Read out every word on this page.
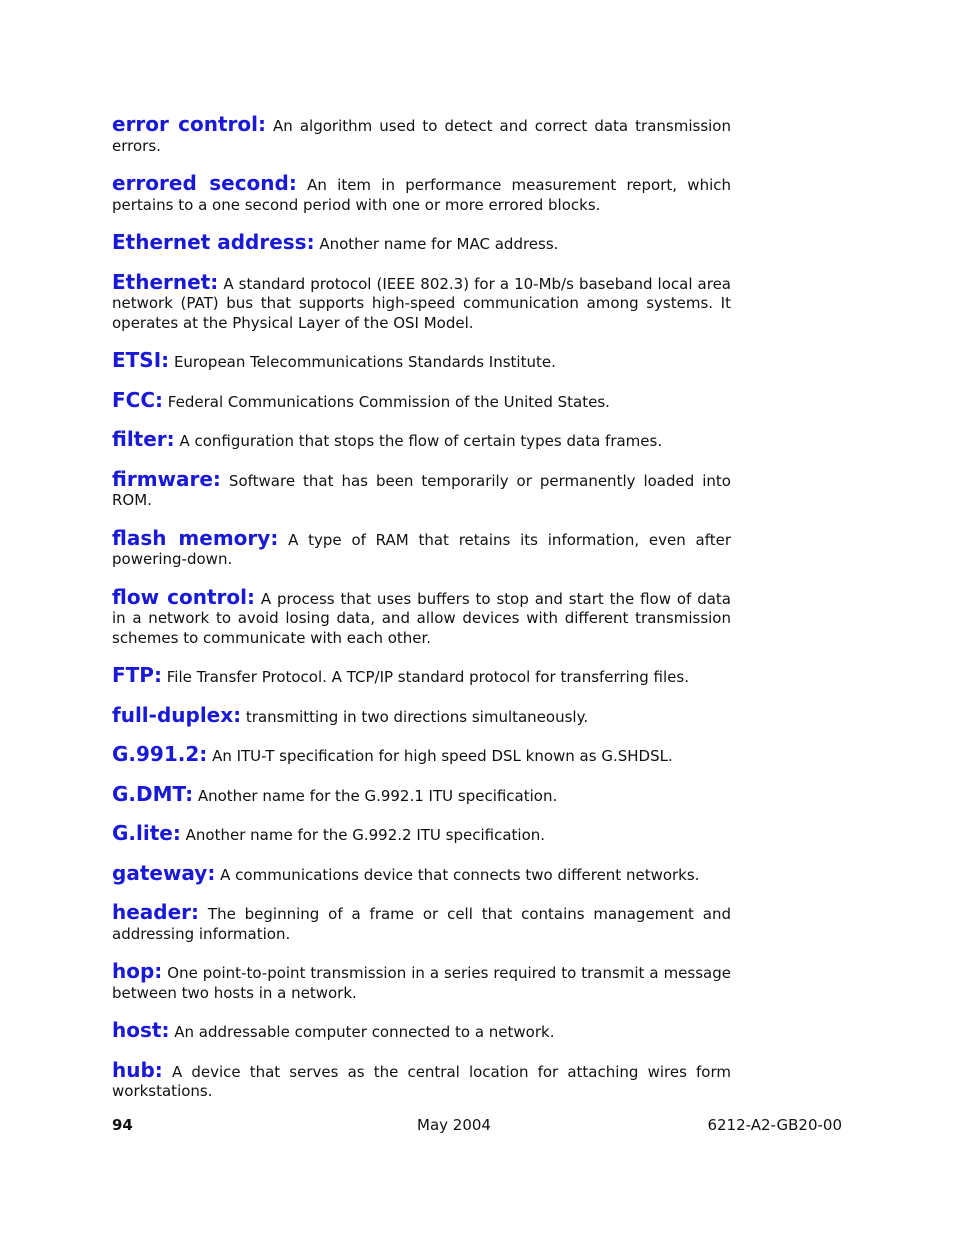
error control: An algorithm used to detect and correct data transmission errors.

errored second: An item in performance measurement report, which pertains to a one second period with one or more errored blocks.

Ethernet address: Another name for MAC address.

Ethernet: A standard protocol (IEEE 802.3) for a 10-Mb/s baseband local area network (PAT) bus that supports high-speed communication among systems. It operates at the Physical Layer of the OSI Model.

ETSI: European Telecommunications Standards Institute.

FCC: Federal Communications Commission of the United States.

filter: A configuration that stops the flow of certain types data frames.

firmware: Software that has been temporarily or permanently loaded into ROM.

flash memory: A type of RAM that retains its information, even after powering-down.

flow control: A process that uses buffers to stop and start the flow of data in a network to avoid losing data, and allow devices with different transmission schemes to communicate with each other.

FTP: File Transfer Protocol. A TCP/IP standard protocol for transferring files.

full-duplex: transmitting in two directions simultaneously.

G.991.2: An ITU-T specification for high speed DSL known as G.SHDSL.

G.DMT: Another name for the G.992.1 ITU specification.

G.lite: Another name for the G.992.2 ITU specification.

gateway: A communications device that connects two different networks.

header: The beginning of a frame or cell that contains management and addressing information.

hop: One point-to-point transmission in a series required to transmit a message between two hosts in a network.

host: An addressable computer connected to a network.

hub: A device that serves as the central location for attaching wires form workstations.

94	May 2004	6212-A2-GB20-00
